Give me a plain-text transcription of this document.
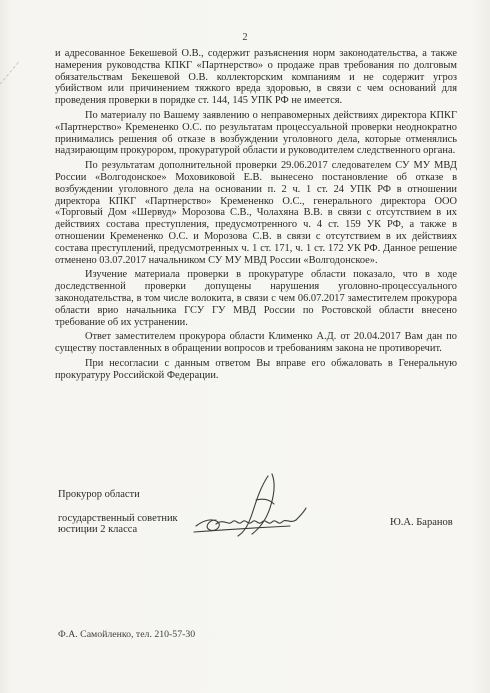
2

и адресованное Бекешевой О.В., содержит разъяснения норм законодательства, а также намерения руководства КПКГ «Партнерство» о продаже прав требования по долговым обязательствам Бекешевой О.В. коллекторским компаниям и не содержит угроз убийством или причинением тяжкого вреда здоровью, в связи с чем оснований для проведения проверки в порядке ст. 144, 145 УПК РФ не имеется.

По материалу по Вашему заявлению о неправомерных действиях директора КПКГ «Партнерство» Кремененко О.С. по результатам процессуальной проверки неоднократно принимались решения об отказе в возбуждении уголовного дела, которые отменялись надзирающим прокурором, прокуратурой области и руководителем следственного органа.

По результатам дополнительной проверки 29.06.2017 следователем СУ МУ МВД России «Волгодонское» Моховиковой Е.В. вынесено постановление об отказе в возбуждении уголовного дела на основании п. 2 ч. 1 ст. 24 УПК РФ в отношении директора КПКГ «Партнерство» Кремененко О.С., генерального директора ООО «Торговый Дом «Шервуд» Морозова С.В., Чолахяна В.В. в связи с отсутствием в их действиях состава преступления, предусмотренного ч. 4 ст. 159 УК РФ, а также в отношении Кремененко О.С. и Морозова С.В. в связи с отсутствием в их действиях состава преступлений, предусмотренных ч. 1 ст. 171, ч. 1 ст. 172 УК РФ. Данное решение отменено 03.07.2017 начальником СУ МУ МВД России «Волгодонское».

Изучение материала проверки в прокуратуре области показало, что в ходе доследственной проверки допущены нарушения уголовно-процессуального законодательства, в том числе волокита, в связи с чем 06.07.2017 заместителем прокурора области врио начальника ГСУ ГУ МВД России по Ростовской области внесено требование об их устранении.

Ответ заместителем прокурора области Клименко А.Д. от 20.04.2017 Вам дан по существу поставленных в обращении вопросов и требованиям закона не противоречит.

При несогласии с данным ответом Вы вправе его обжаловать в Генеральную прокуратуру Российской Федерации.

Прокурор области
государственный советник
юстиции 2 класса
Ю.А. Баранов
Ф.А. Самойленко, тел. 210-57-30
